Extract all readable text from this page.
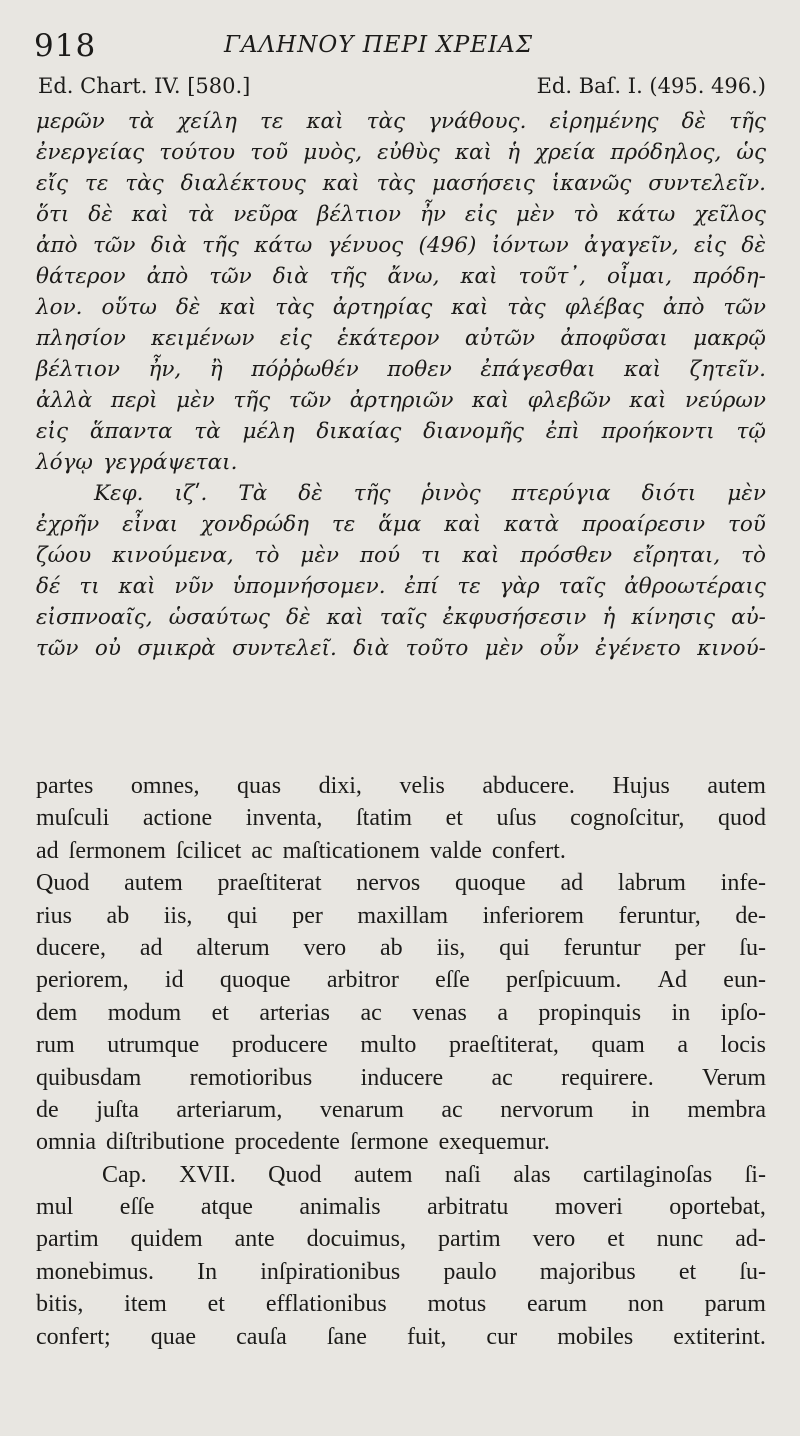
918	ΓΑΛΗΝΟΥ ΠΕΡΙ ΧΡΕΙΑΣ
Ed. Chart. IV. [580.]	Ed. Baſ. I. (495. 496.)
μερῶν τὰ χείλη τε καὶ τὰς γνάθους. εἰρημένης δὲ τῆς
ἐνεργείας τούτου τοῦ μυὸς, εὐθὺς καὶ ἡ χρεία πρόδηλος, ὡς
εἴς τε τὰς διαλέκτους καὶ τὰς μασήσεις ἱκανῶς συντελεῖν.
ὅτι δὲ καὶ τὰ νεῦρα βέλτιον ἦν εἰς μὲν τὸ κάτω χεῖλος
ἀπὸ τῶν διὰ τῆς κάτω γένυος (496) ἰόντων ἀγαγεῖν, εἰς δὲ
θάτερον ἀπὸ τῶν διὰ τῆς ἄνω, καὶ τοῦτ᾽, οἶμαι, πρόδη-
λον. οὕτω δὲ καὶ τὰς ἀρτηρίας καὶ τὰς φλέβας ἀπὸ τῶν
πλησίον κειμένων εἰς ἑκάτερον αὐτῶν ἀποφῦσαι μακρῷ
βέλτιον ἦν, ἢ πόῤῥωθέν ποθεν ἐπάγεσθαι καὶ ζητεῖν.
ἀλλὰ περὶ μὲν τῆς τῶν ἀρτηριῶν καὶ φλεβῶν καὶ νεύρων
εἰς ἅπαντα τὰ μέλη δικαίας διανομῆς ἐπὶ προήκοντι τῷ
λόγῳ γεγράψεται.
Κεφ. ιζʹ. Τὰ δὲ τῆς ῥινὸς πτερύγια διότι μὲν
ἐχρῆν εἶναι χονδρώδη τε ἅμα καὶ κατὰ προαίρεσιν τοῦ
ζώου κινούμενα, τὸ μὲν πού τι καὶ πρόσθεν εἴρηται, τὸ
δέ τι καὶ νῦν ὑπομνήσομεν. ἐπί τε γὰρ ταῖς ἀθροωτέραις
εἰσπνοαῖς, ὡσαύτως δὲ καὶ ταῖς ἐκφυσήσεσιν ἡ κίνησις αὐ-
τῶν οὐ σμικρὰ συντελεῖ. διὰ τοῦτο μὲν οὖν ἐγένετο κινού-
partes omnes, quas dixi, velis abducere. Hujus autem
muſculi actione inventa, ſtatim et uſus cognoſcitur, quod
ad ſermonem ſcilicet ac maſticationem valde confert.
Quod autem praeſtiterat nervos quoque ad labrum infe-
rius ab iis, qui per maxillam inferiorem feruntur, de-
ducere, ad alterum vero ab iis, qui feruntur per ſu-
periorem, id quoque arbitror eſſe perſpicuum. Ad eun-
dem modum et arterias ac venas a propinquis in ipſo-
rum utrumque producere multo praeſtiterat, quam a locis
quibusdam remotioribus inducere ac requirere. Verum
de juſta arteriarum, venarum ac nervorum in membra
omnia diſtributione procedente ſermone exequemur.
Cap. XVII. Quod autem naſi alas cartilaginoſas ſi-
mul eſſe atque animalis arbitratu moveri oportebat,
partim quidem ante docuimus, partim vero et nunc ad-
monebimus. In inſpirationibus paulo majoribus et ſu-
bitis, item et efflationibus motus earum non parum
confert; quae cauſa ſane fuit, cur mobiles extiterint.
